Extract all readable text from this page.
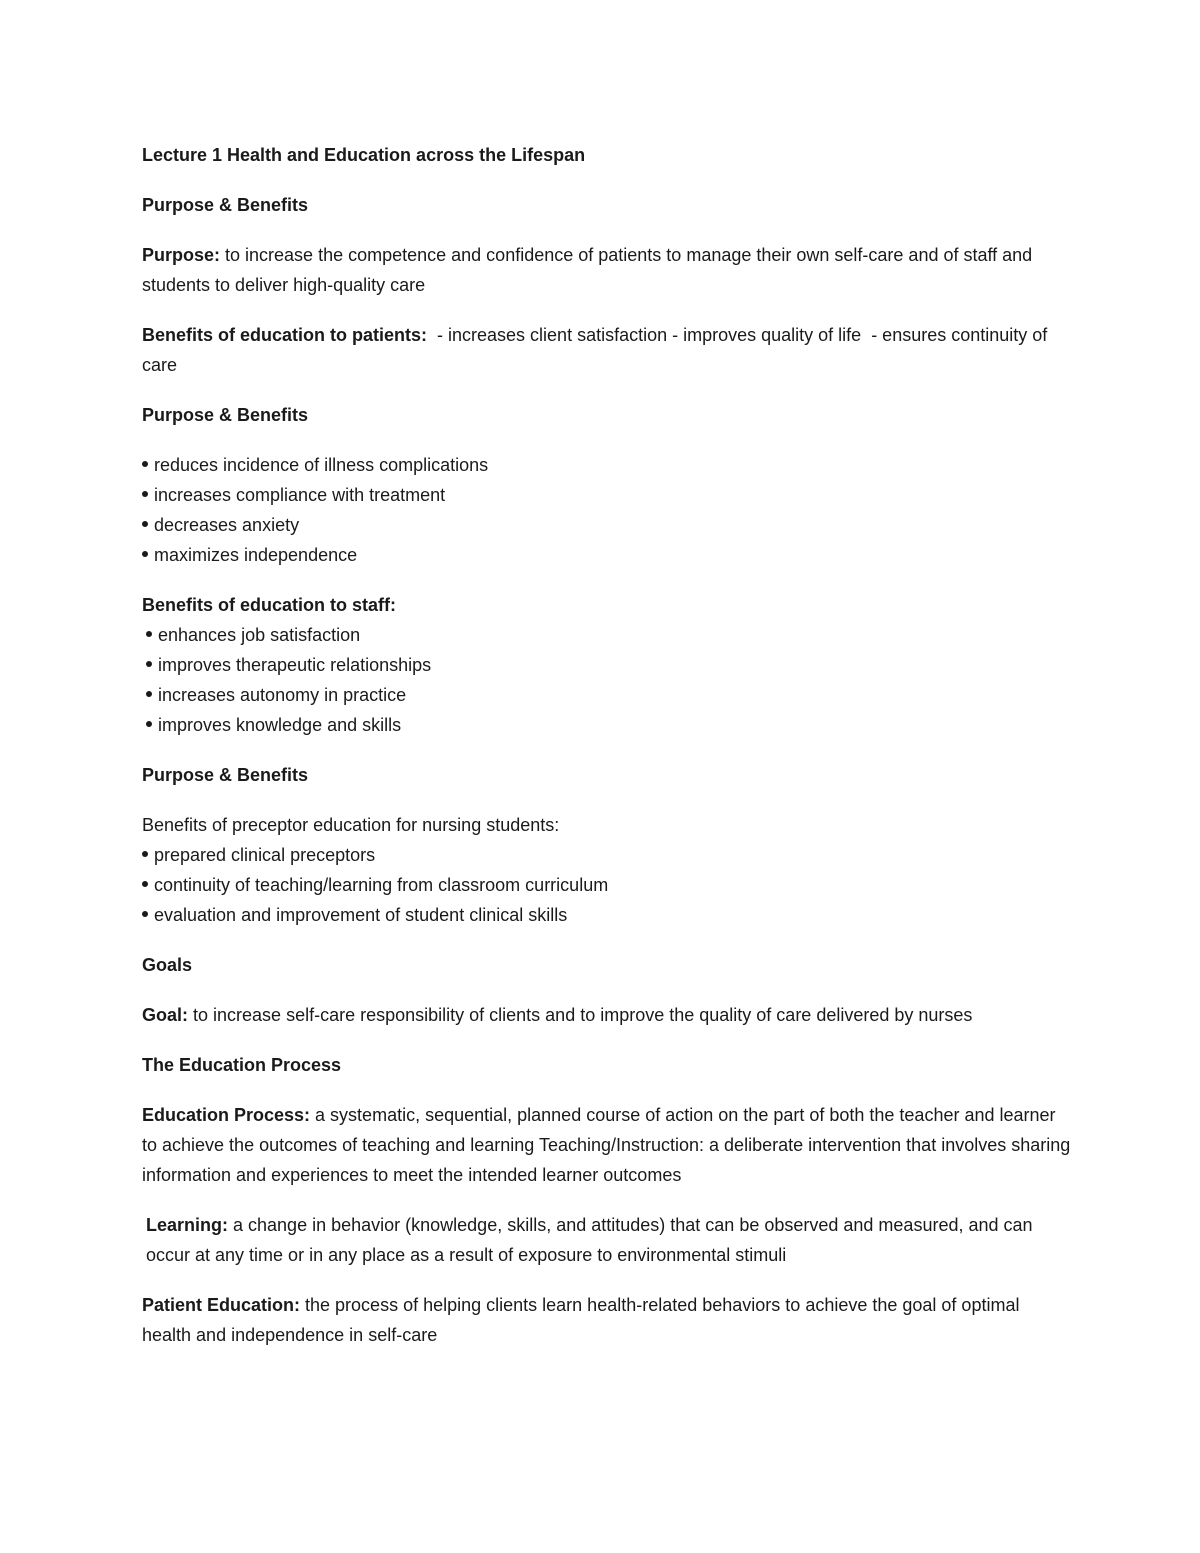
Lecture 1 Health and Education across the Lifespan

Purpose & Benefits

Purpose: to increase the competence and confidence of patients to manage their own self-care and of staff and students to deliver high-quality care

Benefits of education to patients:  - increases client satisfaction - improves quality of life  - ensures continuity of care

Purpose & Benefits

reduces incidence of illness complications
increases compliance with treatment
decreases anxiety
maximizes independence
Benefits of education to staff:
enhances job satisfaction
improves therapeutic relationships
increases autonomy in practice
improves knowledge and skills

Purpose & Benefits

Benefits of preceptor education for nursing students:
prepared clinical preceptors
continuity of teaching/learning from classroom curriculum
evaluation and improvement of student clinical skills

Goals

Goal: to increase self-care responsibility of clients and to improve the quality of care delivered by nurses

The Education Process

Education Process: a systematic, sequential, planned course of action on the part of both the teacher and learner to achieve the outcomes of teaching and learning Teaching/Instruction: a deliberate intervention that involves sharing information and experiences to meet the intended learner outcomes

Learning: a change in behavior (knowledge, skills, and attitudes) that can be observed and measured, and can occur at any time or in any place as a result of exposure to environmental stimuli

Patient Education: the process of helping clients learn health-related behaviors to achieve the goal of optimal health and independence in self-care
